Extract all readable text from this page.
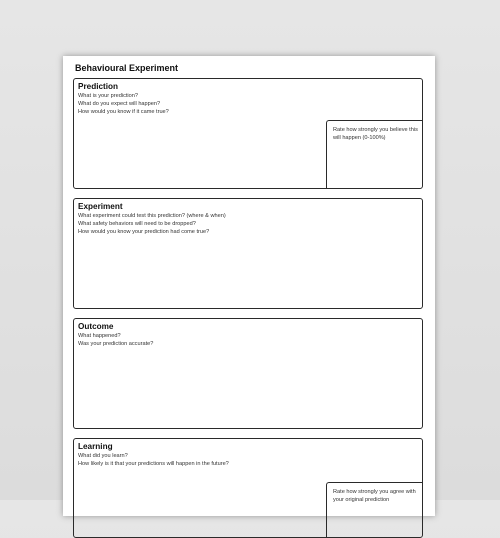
Behavioural Experiment
Prediction
What is your prediction?
What do you expect will happen?
How would you know if it came true?

Rate how strongly you believe this will happen (0-100%)

Experiment
What experiment could test this prediction? (where & when)
What safety behaviors will need to be dropped?
How would you know your prediction had come true?
Outcome
What happened?
Was your prediction accurate?
Learning
What did you learn?
How likely is it that your predictions will happen in the future?

Rate how strongly you agree with your original prediction
